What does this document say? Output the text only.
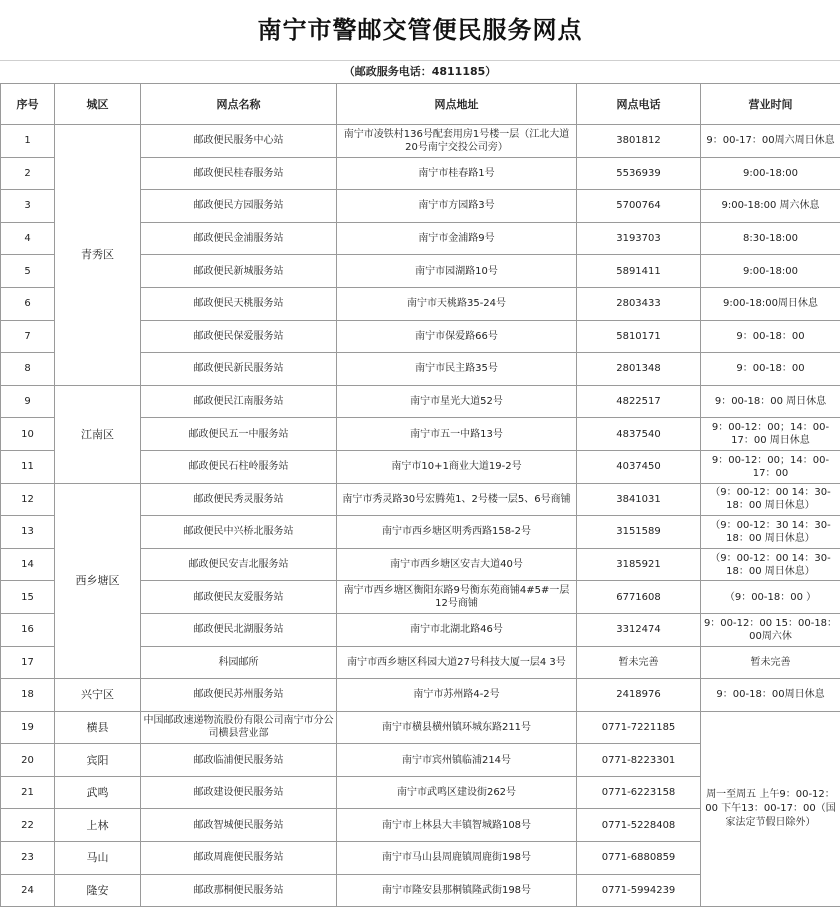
南宁市警邮交管便民服务网点
（邮政服务电话：4811185）
序号	城区	网点名称	网点地址	网点电话	营业时间
1	青秀区	邮政便民服务中心站	南宁市凌铁村136号配套用房1号楼一层（江北大道20号南宁交投公司旁）	3801812	9：00-17：00周六周日休息
2		邮政便民桂春服务站	南宁市桂春路1号	5536939	9:00-18:00
3		邮政便民方园服务站	南宁市方园路3号	5700764	9:00-18:00 周六休息
4		邮政便民金浦服务站	南宁市金浦路9号	3193703	8:30-18:00
5		邮政便民新城服务站	南宁市园湖路10号	5891411	9:00-18:00
6		邮政便民天桃服务站	南宁市天桃路35-24号	2803433	9:00-18:00周日休息
7		邮政便民保爱服务站	南宁市保爱路66号	5810171	9：00-18：00
8		邮政便民新民服务站	南宁市民主路35号	2801348	9：00-18：00
9	江南区	邮政便民江南服务站	南宁市星光大道52号	4822517	9：00-18：00 周日休息
10		邮政便民五一中服务站	南宁市五一中路13号	4837540	9：00-12：00；14：00-17：00 周日休息
11		邮政便民石柱岭服务站	南宁市10+1商业大道19-2号	4037450	9：00-12：00；14：00-17：00
12	西乡塘区	邮政便民秀灵服务站	南宁市秀灵路30号宏腾苑1、2号楼一层5、6号商铺	3841031	（9：00-12：00 14：30-18：00 周日休息）
13		邮政便民中兴桥北服务站	南宁市西乡塘区明秀西路158-2号	3151589	（9：00-12：30 14：30-18：00 周日休息）
14		邮政便民安吉北服务站	南宁市西乡塘区安吉大道40号	3185921	（9：00-12：00 14：30-18：00 周日休息）
15		邮政便民友爱服务站	南宁市西乡塘区衡阳东路9号衡东苑商铺4#5#一层12号商铺	6771608	（9：00-18：00 ）
16		邮政便民北湖服务站	南宁市北湖北路46号	3312474	9：00-12：00 15：00-18：00周六休
17		科园邮所	南宁市西乡塘区科园大道27号科技大厦一层4 3号	暂未完善	暂未完善
18	兴宁区	邮政便民苏州服务站	南宁市苏州路4-2号	2418976	9：00-18：00周日休息
19	横县	中国邮政速递物流股份有限公司南宁市分公司横县营业部	南宁市横县横州镇环城东路211号	0771-7221185	周一至周五 上午9：00-12：00 下午13：00-17：00（国家法定节假日除外）
20	宾阳	邮政临浦便民服务站	南宁市宾州镇临浦214号	0771-8223301	
21	武鸣	邮政建设便民服务站	南宁市武鸣区建设街262号	0771-6223158	
22	上林	邮政智城便民服务站	南宁市上林县大丰镇智城路108号	0771-5228408	
23	马山	邮政周鹿便民服务站	南宁市马山县周鹿镇周鹿街198号	0771-6880859	
24	隆安	邮政那桐便民服务站	南宁市隆安县那桐镇隆武街198号	0771-5994239	
